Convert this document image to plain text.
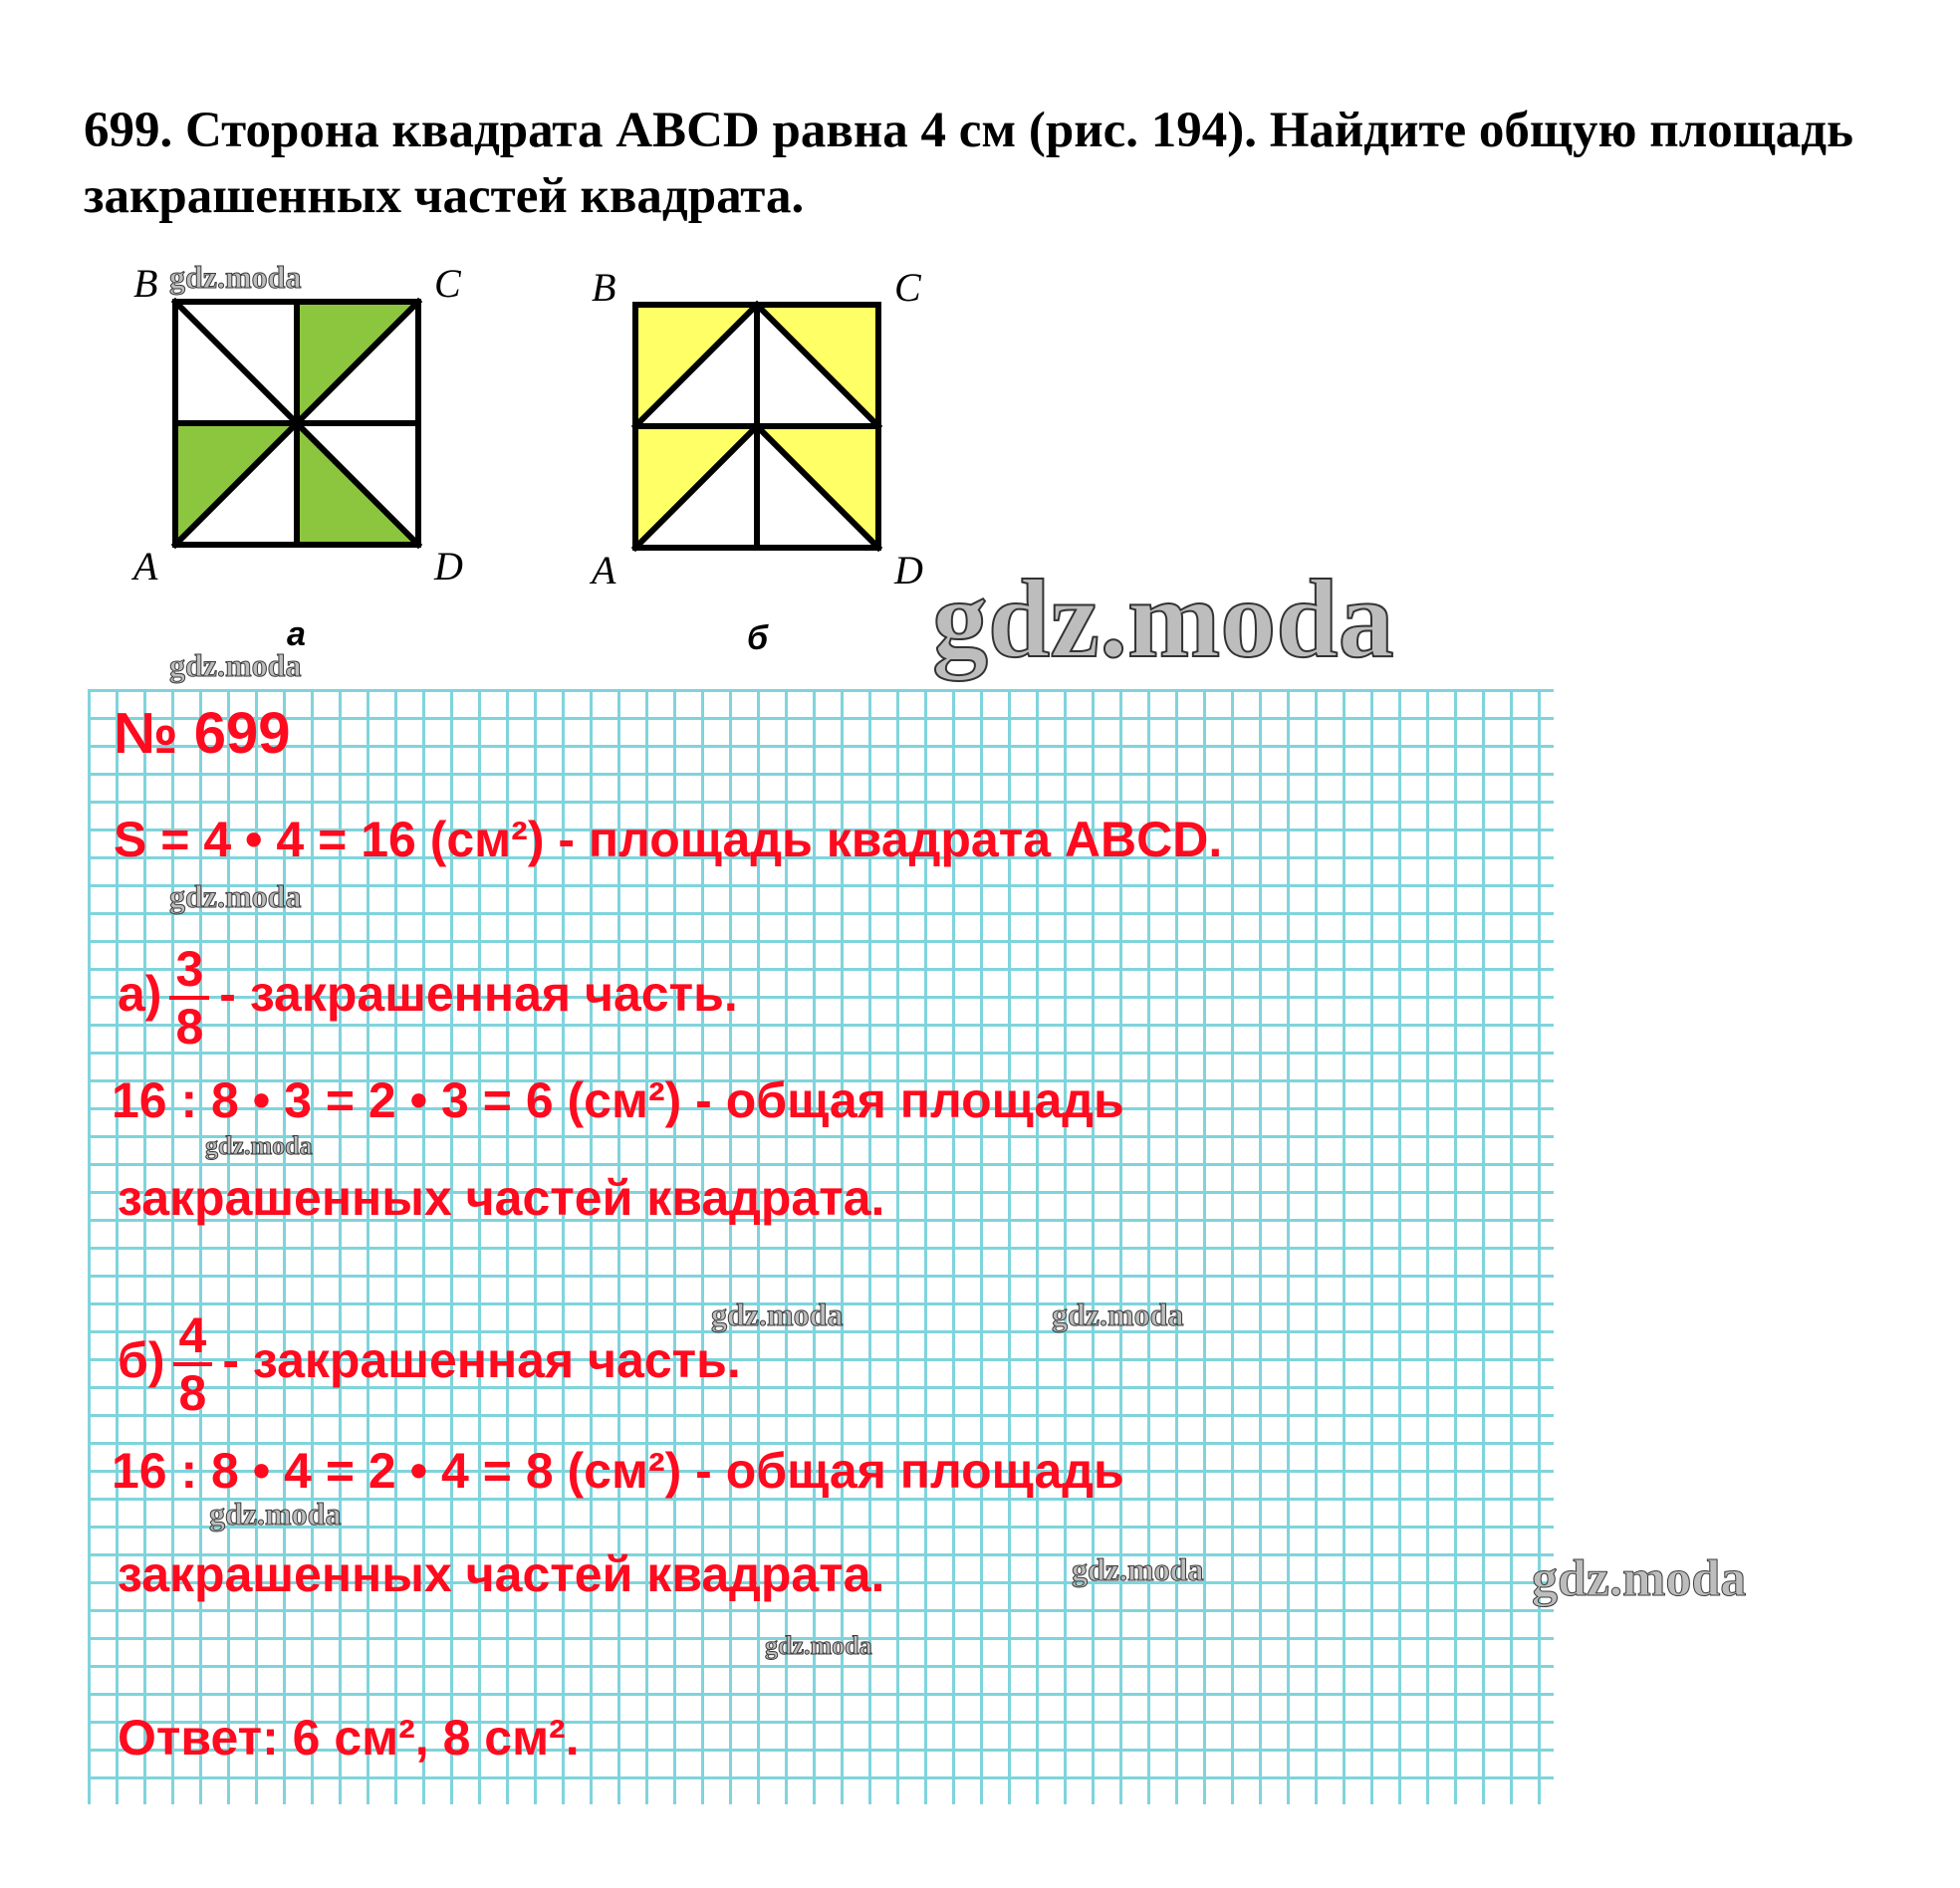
699. Сторона квадрата ABCD равна 4 см (рис. 194). Найдите общую площадь закрашенных частей квадрата.

B	C
A	D
а
B	C
A	D
б

№ 699

S = 4 • 4 = 16 (см²) - площадь квадрата ABCD.

$а) \frac{3}{8}$ - закрашенная часть.

16 : 8 • 3 = 2 • 3 = 6 (см²) - общая площадь

закрашенных частей квадрата.

$б) \frac{4}{8}$ - закрашенная часть.

16 : 8 • 4 = 2 • 4 = 8 (см²) - общая площадь

закрашенных частей квадрата.

Ответ: 6 см², 8 см².

gdz.moda
gdz.moda
gdz.moda
gdz.moda
gdz.moda	gdz.moda
gdz.moda
gdz.moda
gdz.moda
gdz.moda
gdz.moda
